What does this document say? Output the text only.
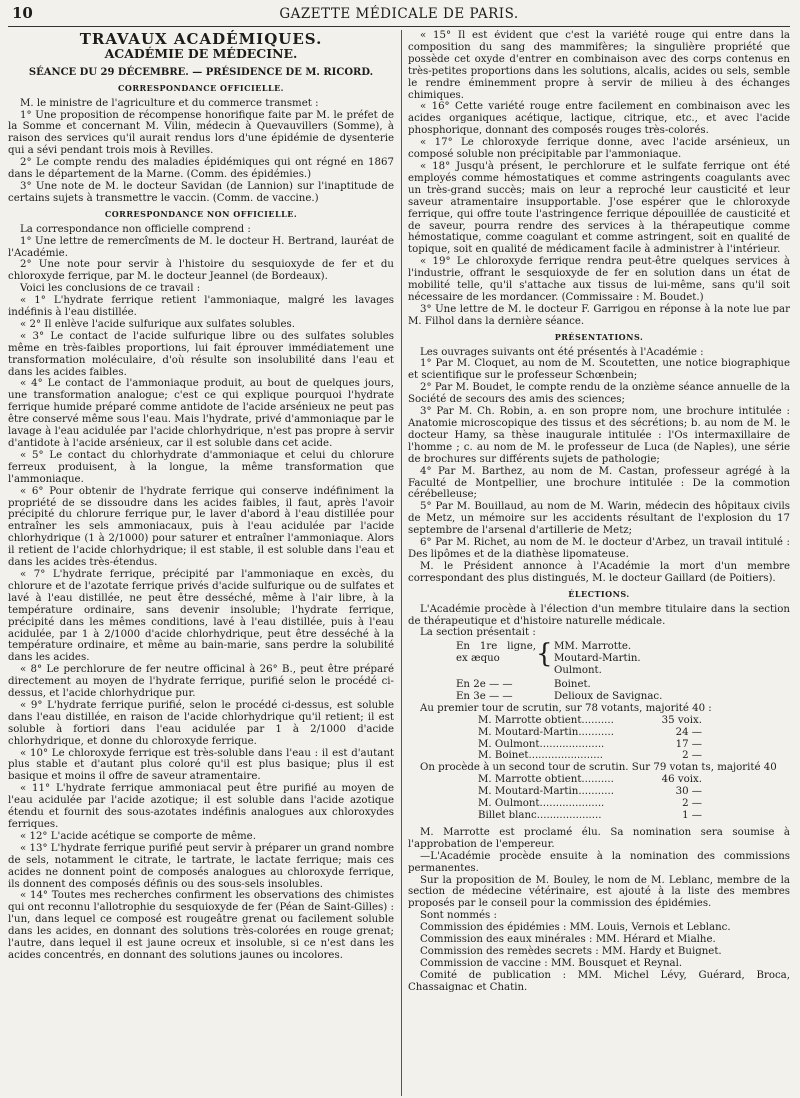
10	GAZETTE MÉDICALE DE PARIS.
TRAVAUX ACADÉMIQUES.
ACADÉMIE DE MÉDECINE.
SÉANCE DU 29 DÉCEMBRE. — PRÉSIDENCE DE M. RICORD.
CORRESPONDANCE OFFICIELLE.

M. le ministre de l'agriculture et du commerce transmet :

1° Une proposition de récompense honorifique faite par M. le préfet de la Somme et concernant M. Vilin, médecin à Quevauvillers (Somme), à raison des services qu'il aurait rendus lors d'une épidémie de dysenterie qui a sévi pendant trois mois à Revilles.

2° Le compte rendu des maladies épidémiques qui ont régné en 1867 dans le département de la Marne. (Comm. des épidémies.)

3° Une note de M. le docteur Savidan (de Lannion) sur l'inaptitude de certains sujets à transmettre le vaccin. (Comm. de vaccine.)

CORRESPONDANCE NON OFFICIELLE.

La correspondance non officielle comprend :

1° Une lettre de remercîments de M. le docteur H. Bertrand, lauréat de l'Académie.

2° Une note pour servir à l'histoire du sesquioxyde de fer et du chloroxyde ferrique, par M. le docteur Jeannel (de Bordeaux).

Voici les conclusions de ce travail :

« 1° L'hydrate ferrique retient l'ammoniaque, malgré les lavages indéfinis à l'eau distillée.

« 2° Il enlève l'acide sulfurique aux sulfates solubles.

« 3° Le contact de l'acide sulfurique libre ou des sulfates solubles même en très-faibles proportions, lui fait éprouver immédiatement une transformation moléculaire, d'où résulte son insolubilité dans l'eau et dans les acides faibles.

« 4° Le contact de l'ammoniaque produit, au bout de quelques jours, une transformation analogue; c'est ce qui explique pourquoi l'hydrate ferrique humide préparé comme antidote de l'acide arsénieux ne peut pas être conservé même sous l'eau. Mais l'hydrate, privé d'ammoniaque par le lavage à l'eau acidulée par l'acide chlorhydrique, n'est pas propre à servir d'antidote à l'acide arsénieux, car il est soluble dans cet acide.

« 5° Le contact du chlorhydrate d'ammoniaque et celui du chlorure ferreux produisent, à la longue, la même transformation que l'ammoniaque.

« 6° Pour obtenir de l'hydrate ferrique qui conserve indéfiniment la propriété de se dissoudre dans les acides faibles, il faut, après l'avoir précipité du chlorure ferrique pur, le laver d'abord à l'eau distillée pour entraîner les sels ammoniacaux, puis à l'eau acidulée par l'acide chlorhydrique (1 à 2/1000) pour saturer et entraîner l'ammoniaque. Alors il retient de l'acide chlorhydrique; il est stable, il est soluble dans l'eau et dans les acides très-étendus.

« 7° L'hydrate ferrique, précipité par l'ammoniaque en excès, du chlorure et de l'azotate ferrique privés d'acide sulfurique ou de sulfates et lavé à l'eau distillée, ne peut être desséché, même à l'air libre, à la température ordinaire, sans devenir insoluble; l'hydrate ferrique, précipité dans les mêmes conditions, lavé à l'eau distillée, puis à l'eau acidulée, par 1 à 2/1000 d'acide chlorhydrique, peut être desséché à la température ordinaire, et même au bain-marie, sans perdre la solubilité dans les acides.

« 8° Le perchlorure de fer neutre officinal à 26° B., peut être préparé directement au moyen de l'hydrate ferrique, purifié selon le procédé ci-dessus, et l'acide chlorhydrique pur.

« 9° L'hydrate ferrique purifié, selon le procédé ci-dessus, est soluble dans l'eau distillée, en raison de l'acide chlorhydrique qu'il retient; il est soluble à fortiori dans l'eau acidulée par 1 à 2/1000 d'acide chlorhydrique, et donne du chloroxyde ferrique.

« 10° Le chloroxyde ferrique est très-soluble dans l'eau : il est d'autant plus stable et d'autant plus coloré qu'il est plus basique; plus il est basique et moins il offre de saveur atramentaire.

« 11° L'hydrate ferrique ammoniacal peut être purifié au moyen de l'eau acidulée par l'acide azotique; il est soluble dans l'acide azotique étendu et fournit des sous-azotates indéfinis analogues aux chloroxydes ferriques.

« 12° L'acide acétique se comporte de même.

« 13° L'hydrate ferrique purifié peut servir à préparer un grand nombre de sels, notamment le citrate, le tartrate, le lactate ferrique; mais ces acides ne donnent point de composés analogues au chloroxyde ferrique, ils donnent des composés définis ou des sous-sels insolubles.

« 14° Toutes mes recherches confirment les observations des chimistes qui ont reconnu l'allotrophie du sesquioxyde de fer (Péan de Saint-Gilles) : l'un, dans lequel ce composé est rougeâtre grenat ou facilement soluble dans les acides, en donnant des solutions très-colorées en rouge grenat; l'autre, dans lequel il est jaune ocreux et insoluble, si ce n'est dans les acides concentrés, en donnant des solutions jaunes ou incolores.

« 15° Il est évident que c'est la variété rouge qui entre dans la composition du sang des mammifères; la singulière propriété que possède cet oxyde d'entrer en combinaison avec des corps contenus en très-petites proportions dans les solutions, alcalis, acides ou sels, semble le rendre éminemment propre à servir de milieu à des échanges chimiques.

« 16° Cette variété rouge entre facilement en combinaison avec les acides organiques acétique, lactique, citrique, etc., et avec l'acide phosphorique, donnant des composés rouges très-colorés.

« 17° Le chloroxyde ferrique donne, avec l'acide arsénieux, un composé soluble non précipitable par l'ammoniaque.

« 18° Jusqu'à présent, le perchlorure et le sulfate ferrique ont été employés comme hémostatiques et comme astringents coagulants avec un très-grand succès; mais on leur a reproché leur causticité et leur saveur atramentaire insupportable. J'ose espérer que le chloroxyde ferrique, qui offre toute l'astringence ferrique dépouillée de causticité et de saveur, pourra rendre des services à la thérapeutique comme hémostatique, comme coagulant et comme astringent, soit en qualité de topique, soit en qualité de médicament facile à administrer à l'intérieur.

« 19° Le chloroxyde ferrique rendra peut-être quelques services à l'industrie, offrant le sesquioxyde de fer en solution dans un état de mobilité telle, qu'il s'attache aux tissus de lui-même, sans qu'il soit nécessaire de les mordancer. (Commissaire : M. Boudet.)

3° Une lettre de M. le docteur F. Garrigou en réponse à la note lue par M. Filhol dans la dernière séance.

PRÉSENTATIONS.

Les ouvrages suivants ont été présentés à l'Académie :

1° Par M. Cloquet, au nom de M. Scoutetten, une notice biographique et scientifique sur le professeur Schœnbein;

2° Par M. Boudet, le compte rendu de la onzième séance annuelle de la Société de secours des amis des sciences;

3° Par M. Ch. Robin, a. en son propre nom, une brochure intitulée : Anatomie microscopique des tissus et des sécrétions; b. au nom de M. le docteur Hamy, sa thèse inaugurale intitulée : l'Os intermaxillaire de l'homme ; c. au nom de M. le professeur de Luca (de Naples), une série de brochures sur différents sujets de pathologie;

4° Par M. Barthez, au nom de M. Castan, professeur agrégé à la Faculté de Montpellier, une brochure intitulée : De la commotion cérébelleuse;

5° Par M. Bouillaud, au nom de M. Warin, médecin des hôpitaux civils de Metz, un mémoire sur les accidents résultant de l'explosion du 17 septembre de l'arsenal d'artillerie de Metz;

6° Par M. Richet, au nom de M. le docteur d'Arbez, un travail intitulé : Des lipômes et de la diathèse lipomateuse.

M. le Président annonce à l'Académie la mort d'un membre correspondant des plus distingués, M. le docteur Gaillard (de Poitiers).

ÉLECTIONS.

L'Académie procède à l'élection d'un membre titulaire dans la section de thérapeutique et d'histoire naturelle médicale.

La section présentait :

En 1re ligne, ex æquo	{ MM. Marrotte.
Moutard-Martin.
Oulmont.
En 2e — —	Boinet.
En 3e — —	Delioux de Savignac.

Au premier tour de scrutin, sur 78 votants, majorité 40 :

M. Marrotte obtient..........	35 voix.
M. Moutard-Martin...........	24 —
M. Oulmont....................	17 —
M. Boinet.......................	2 —

On procède à un second tour de scrutin. Sur 79 votan ts, majorité 40

M. Marrotte obtient..........	46 voix.
M. Moutard-Martin...........	30 —
M. Oulmont....................	2 —
Billet blanc....................	1 —

M. Marrotte est proclamé élu. Sa nomination sera soumise à l'approbation de l'empereur.

—L'Académie procède ensuite à la nomination des commissions permanentes.

Sur la proposition de M. Bouley, le nom de M. Leblanc, membre de la section de médecine vétérinaire, est ajouté à la liste des membres proposés par le conseil pour la commission des épidémies.

Sont nommés :

Commission des épidémies : MM. Louis, Vernois et Leblanc.

Commission des eaux minérales : MM. Hérard et Mialhe.

Commission des remèdes secrets : MM. Hardy et Buignet.

Commission de vaccine : MM. Bousquet et Reynal.

Comité de publication : MM. Michel Lévy, Guérard, Broca, Chassaignac et Chatin.
